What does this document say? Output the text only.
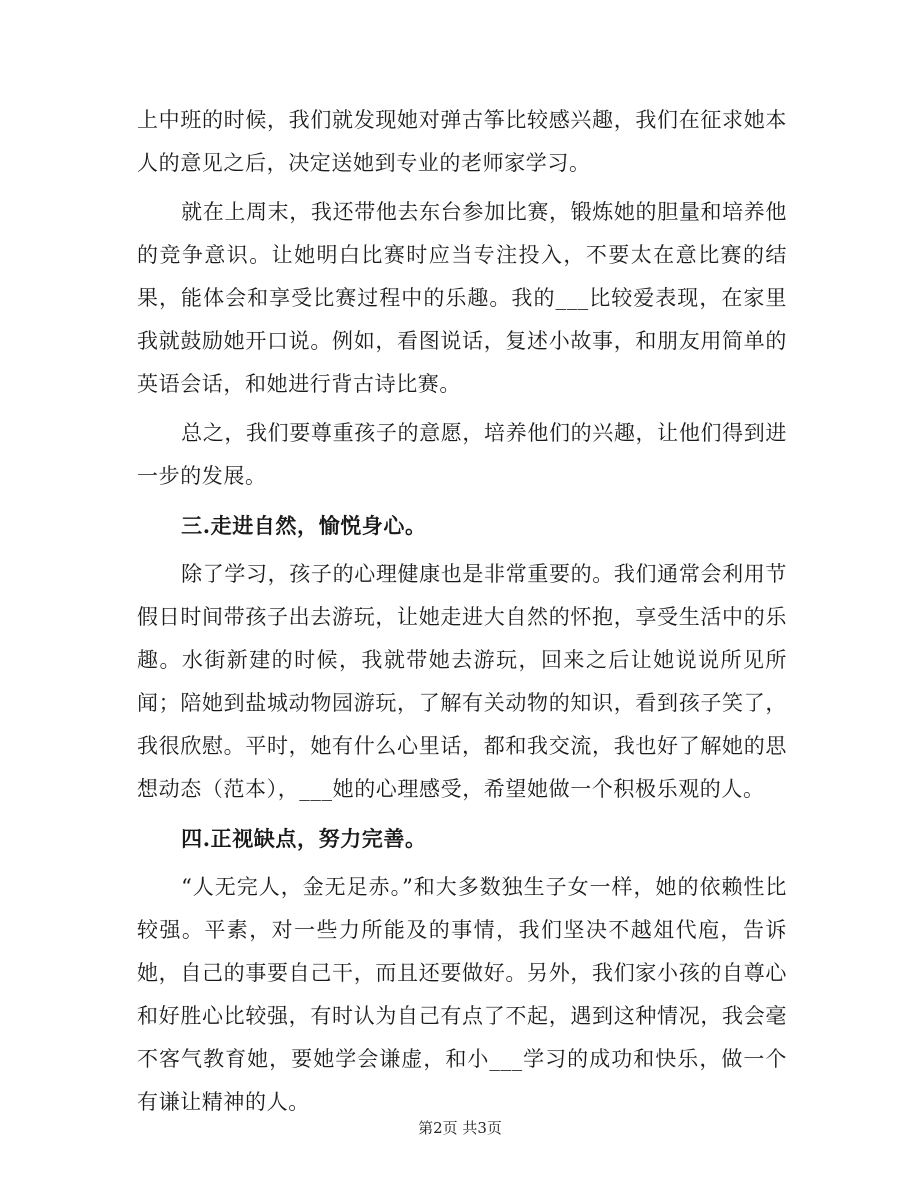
上中班的时候，我们就发现她对弹古筝比较感兴趣，我们在征求她本人的意见之后，决定送她到专业的老师家学习。

就在上周末，我还带他去东台参加比赛，锻炼她的胆量和培养他的竞争意识。让她明白比赛时应当专注投入，不要太在意比赛的结果，能体会和享受比赛过程中的乐趣。我的___比较爱表现，在家里我就鼓励她开口说。例如，看图说话，复述小故事，和朋友用简单的英语会话，和她进行背古诗比赛。

总之，我们要尊重孩子的意愿，培养他们的兴趣，让他们得到进一步的发展。

三.走进自然，愉悦身心。

除了学习，孩子的心理健康也是非常重要的。我们通常会利用节假日时间带孩子出去游玩，让她走进大自然的怀抱，享受生活中的乐趣。水街新建的时候，我就带她去游玩，回来之后让她说说所见所闻；陪她到盐城动物园游玩，了解有关动物的知识，看到孩子笑了，我很欣慰。平时，她有什么心里话，都和我交流，我也好了解她的思想动态（范本），___她的心理感受，希望她做一个积极乐观的人。

四.正视缺点，努力完善。

“人无完人，金无足赤。”和大多数独生子女一样，她的依赖性比较强。平素，对一些力所能及的事情，我们坚决不越俎代庖，告诉她，自己的事要自己干，而且还要做好。另外，我们家小孩的自尊心和好胜心比较强，有时认为自己有点了不起，遇到这种情况，我会毫不客气教育她，要她学会谦虚，和小___学习的成功和快乐，做一个有谦让精神的人。

第2页 共3页
